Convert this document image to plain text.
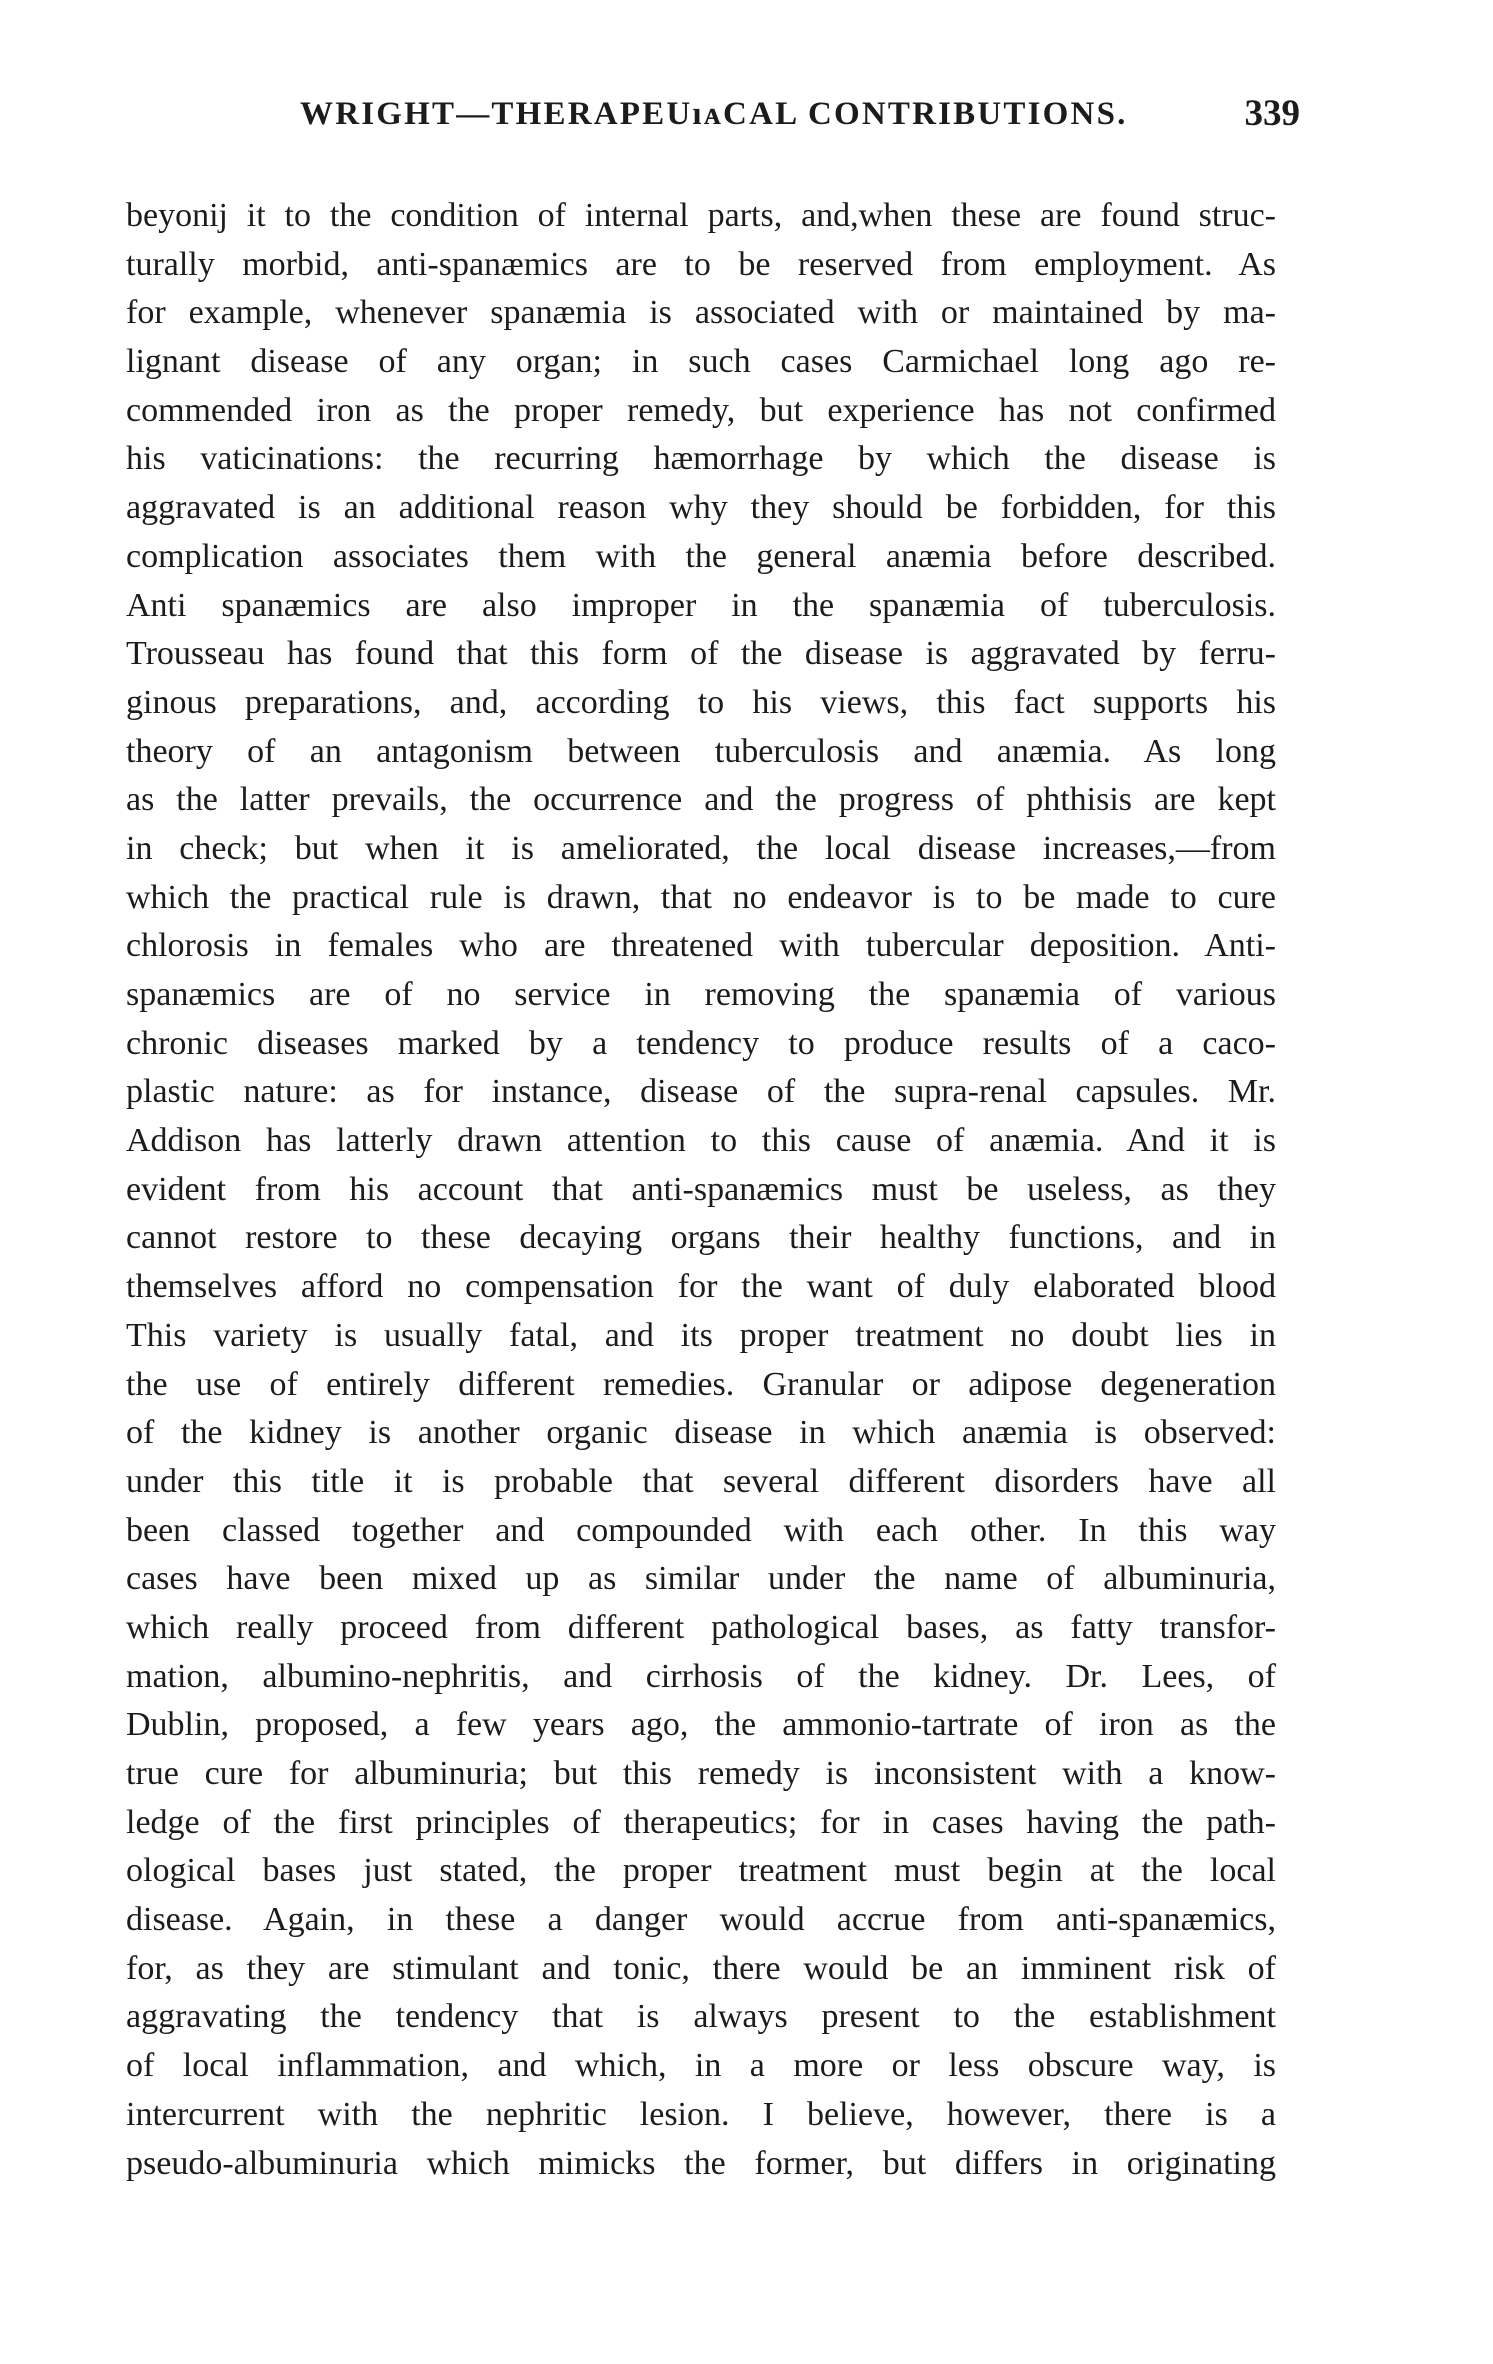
WRIGHT—THERAPEUıᴀCAL CONTRIBUTIONS.	339
beyonĳ it to the condition of internal parts, and,when these are found struc-
turally morbid, anti-spanæmics are to be reserved from employment. As
for example, whenever spanæmia is associated with or maintained by ma-
lignant disease of any organ; in such cases Carmichael long ago re-
commended iron as the proper remedy, but experience has not confirmed
his vaticinations: the recurring hæmorrhage by which the disease is
aggravated is an additional reason why they should be forbidden, for this
complication associates them with the general anæmia before described.
Anti spanæmics are also improper in the spanæmia of tuberculosis.
Trousseau has found that this form of the disease is aggravated by ferru-
ginous preparations, and, according to his views, this fact supports his
theory of an antagonism between tuberculosis and anæmia. As long
as the latter prevails, the occurrence and the progress of phthisis are kept
in check; but when it is ameliorated, the local disease increases,—from
which the practical rule is drawn, that no endeavor is to be made to cure
chlorosis in females who are threatened with tubercular deposition. Anti-
spanæmics are of no service in removing the spanæmia of various
chronic diseases marked by a tendency to produce results of a caco-
plastic nature: as for instance, disease of the supra-renal capsules. Mr.
Addison has latterly drawn attention to this cause of anæmia. And it is
evident from his account that anti-spanæmics must be useless, as they
cannot restore to these decaying organs their healthy functions, and in
themselves afford no compensation for the want of duly elaborated blood
This variety is usually fatal, and its proper treatment no doubt lies in
the use of entirely different remedies. Granular or adipose degeneration
of the kidney is another organic disease in which anæmia is observed:
under this title it is probable that several different disorders have all
been classed together and compounded with each other. In this way
cases have been mixed up as similar under the name of albuminuria,
which really proceed from different pathological bases, as fatty transfor-
mation, albumino-nephritis, and cirrhosis of the kidney. Dr. Lees, of
Dublin, proposed, a few years ago, the ammonio-tartrate of iron as the
true cure for albuminuria; but this remedy is inconsistent with a know-
ledge of the first principles of therapeutics; for in cases having the path-
ological bases just stated, the proper treatment must begin at the local
disease. Again, in these a danger would accrue from anti-spanæmics,
for, as they are stimulant and tonic, there would be an imminent risk of
aggravating the tendency that is always present to the establishment
of local inflammation, and which, in a more or less obscure way, is
intercurrent with the nephritic lesion. I believe, however, there is a
pseudo-albuminuria which mimicks the former, but differs in originating
